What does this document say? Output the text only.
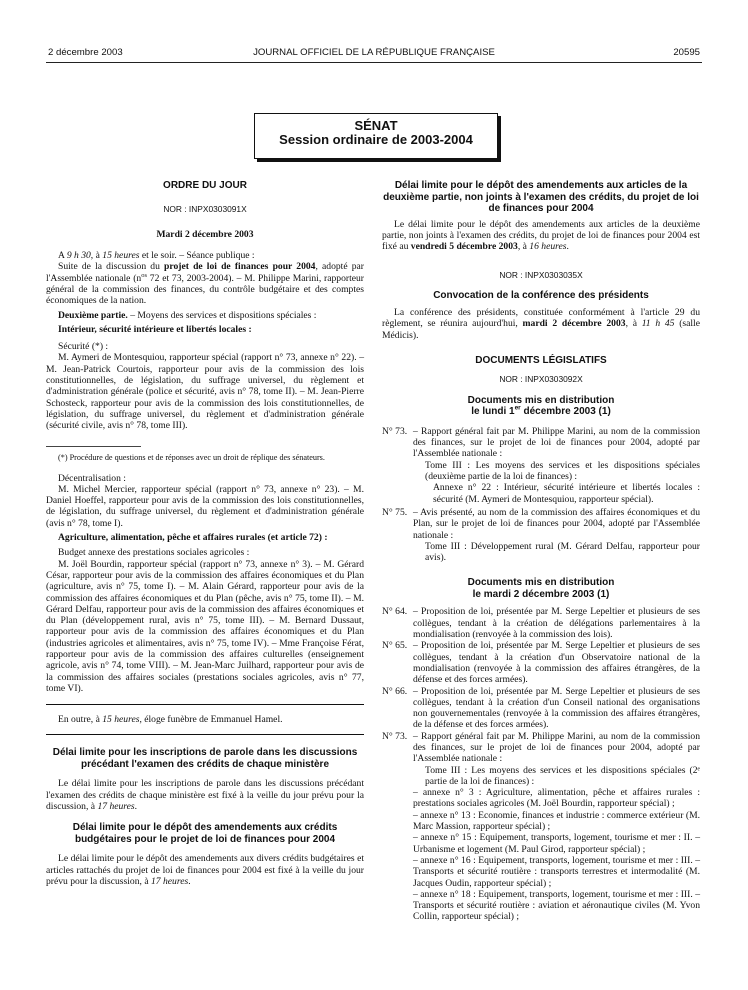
2 décembre 2003	JOURNAL OFFICIEL DE LA RÉPUBLIQUE FRANÇAISE	20595
SÉNAT
Session ordinaire de 2003-2004
ORDRE DU JOUR
NOR : INPX0303091X
Mardi 2 décembre 2003

A 9 h 30, à 15 heures et le soir. – Séance publique :

Suite de la discussion du projet de loi de finances pour 2004, adopté par l'Assemblée nationale ($n^{os}$ 72 et 73, 2003-2004). – M. Philippe Marini, rapporteur général de la commission des finances, du contrôle budgétaire et des comptes économiques de la nation.

Deuxième partie. – Moyens des services et dispositions spéciales :

Intérieur, sécurité intérieure et libertés locales :

Sécurité (*) :

M. Aymeri de Montesquiou, rapporteur spécial (rapport n° 73, annexe n° 22). – M. Jean-Patrick Courtois, rapporteur pour avis de la commission des lois constitutionnelles, de législation, du suffrage universel, du règlement et d'administration générale (police et sécurité, avis n° 78, tome II). – M. Jean-Pierre Schosteck, rapporteur pour avis de la commission des lois constitutionnelles, de législation, du suffrage universel, du règlement et d'administration générale (sécurité civile, avis n° 78, tome III).

(*) Procédure de questions et de réponses avec un droit de réplique des sénateurs.

Décentralisation :

M. Michel Mercier, rapporteur spécial (rapport n° 73, annexe n° 23). – M. Daniel Hoeffel, rapporteur pour avis de la commission des lois constitutionnelles, de législation, du suffrage universel, du règlement et d'administration générale (avis n° 78, tome I).

Agriculture, alimentation, pêche et affaires rurales (et article 72) :

Budget annexe des prestations sociales agricoles :

M. Joël Bourdin, rapporteur spécial (rapport n° 73, annexe n° 3). – M. Gérard César, rapporteur pour avis de la commission des affaires économiques et du Plan (agriculture, avis n° 75, tome I). – M. Alain Gérard, rapporteur pour avis de la commission des affaires économiques et du Plan (pêche, avis n° 75, tome II). – M. Gérard Delfau, rapporteur pour avis de la commission des affaires économiques et du Plan (développement rural, avis n° 75, tome III). – M. Bernard Dussaut, rapporteur pour avis de la commission des affaires économiques et du Plan (industries agricoles et alimentaires, avis n° 75, tome IV). – Mme Françoise Férat, rapporteur pour avis de la commission des affaires culturelles (enseignement agricole, avis n° 74, tome VIII). – M. Jean-Marc Juilhard, rapporteur pour avis de la commission des affaires sociales (prestations sociales agricoles, avis n° 77, tome VI).

En outre, à 15 heures, éloge funèbre de Emmanuel Hamel.

Délai limite pour les inscriptions de parole dans les discussions précédant l'examen des crédits de chaque ministère

Le délai limite pour les inscriptions de parole dans les discussions précédant l'examen des crédits de chaque ministère est fixé à la veille du jour prévu pour la discussion, à 17 heures.

Délai limite pour le dépôt des amendements aux crédits budgétaires pour le projet de loi de finances pour 2004

Le délai limite pour le dépôt des amendements aux divers crédits budgétaires et articles rattachés du projet de loi de finances pour 2004 est fixé à la veille du jour prévu pour la discussion, à 17 heures.

Délai limite pour le dépôt des amendements aux articles de la deuxième partie, non joints à l'examen des crédits, du projet de loi de finances pour 2004

Le délai limite pour le dépôt des amendements aux articles de la deuxième partie, non joints à l'examen des crédits, du projet de loi de finances pour 2004 est fixé au vendredi 5 décembre 2003, à 16 heures.

NOR : INPX0303035X
Convocation de la conférence des présidents

La conférence des présidents, constituée conformément à l'article 29 du règlement, se réunira aujourd'hui, mardi 2 décembre 2003, à 11 h 45 (salle Médicis).

DOCUMENTS LÉGISLATIFS
NOR : INPX0303092X
Documents mis en distribution
le lundi 1er décembre 2003 (1)
N° 73. – Rapport général fait par M. Philippe Marini, au nom de la commission des finances, sur le projet de loi de finances pour 2004, adopté par l'Assemblée nationale :
Tome III : Les moyens des services et les dispositions spéciales (deuxième partie de la loi de finances) :
Annexe n° 22 : Intérieur, sécurité intérieure et libertés locales : sécurité (M. Aymeri de Montesquiou, rapporteur spécial).
N° 75. – Avis présenté, au nom de la commission des affaires économiques et du Plan, sur le projet de loi de finances pour 2004, adopté par l'Assemblée nationale :
Tome III : Développement rural (M. Gérard Delfau, rapporteur pour avis).
Documents mis en distribution
le mardi 2 décembre 2003 (1)
N° 64. – Proposition de loi, présentée par M. Serge Lepeltier et plusieurs de ses collègues, tendant à la création de délégations parlementaires à la mondialisation (renvoyée à la commission des lois).
N° 65. – Proposition de loi, présentée par M. Serge Lepeltier et plusieurs de ses collègues, tendant à la création d'un Observatoire national de la mondialisation (renvoyée à la commission des affaires étrangères, de la défense et des forces armées).
N° 66. – Proposition de loi, présentée par M. Serge Lepeltier et plusieurs de ses collègues, tendant à la création d'un Conseil national des organisations non gouvernementales (renvoyée à la commission des affaires étrangères, de la défense et des forces armées).
N° 73. – Rapport général fait par M. Philippe Marini, au nom de la commission des finances, sur le projet de loi de finances pour 2004, adopté par l'Assemblée nationale :
Tome III : Les moyens des services et les dispositions spéciales (2ᵉ partie de la loi de finances) :
– annexe n° 3 : Agriculture, alimentation, pêche et affaires rurales : prestations sociales agricoles (M. Joël Bourdin, rapporteur spécial) ;
– annexe n° 13 : Economie, finances et industrie : commerce extérieur (M. Marc Massion, rapporteur spécial) ;
– annexe n° 15 : Equipement, transports, logement, tourisme et mer : II. – Urbanisme et logement (M. Paul Girod, rapporteur spécial) ;
– annexe n° 16 : Equipement, transports, logement, tourisme et mer : III. – Transports et sécurité routière : transports terrestres et intermodalité (M. Jacques Oudin, rapporteur spécial) ;
– annexe n° 18 : Equipement, transports, logement, tourisme et mer : III. – Transports et sécurité routière : aviation et aéronautique civiles (M. Yvon Collin, rapporteur spécial) ;
